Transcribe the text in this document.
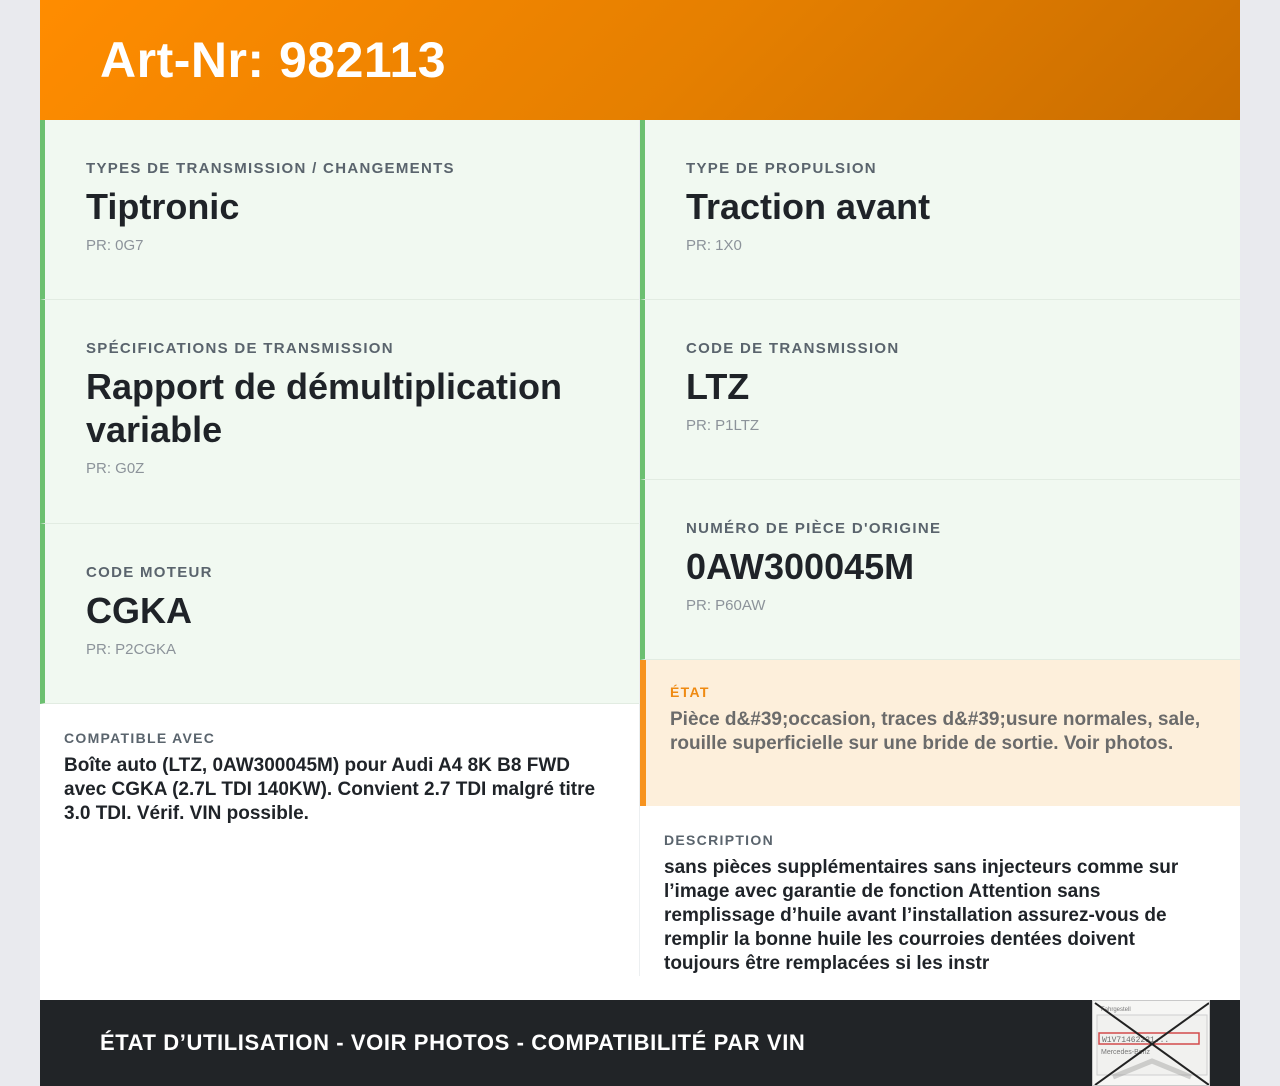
Art-Nr: 982113
TYPES DE TRANSMISSION / CHANGEMENTS
Tiptronic
PR: 0G7
SPÉCIFICATIONS DE TRANSMISSION
Rapport de démultiplication variable
PR: G0Z
CODE MOTEUR
CGKA
PR: P2CGKA
COMPATIBLE AVEC
Boîte auto (LTZ, 0AW300045M) pour Audi A4 8K B8 FWD avec CGKA (2.7L TDI 140KW). Convient 2.7 TDI malgré titre 3.0 TDI. Vérif. VIN possible.
TYPE DE PROPULSION
Traction avant
PR: 1X0
CODE DE TRANSMISSION
LTZ
PR: P1LTZ
NUMÉRO DE PIÈCE D'ORIGINE
0AW300045M
PR: P60AW
ÉTAT
Pièce d&#39;occasion, traces d&#39;usure normales, sale, rouille superficielle sur une bride de sortie. Voir photos.
DESCRIPTION
sans pièces supplémentaires sans injecteurs comme sur l’image avec garantie de fonction Attention sans remplissage d’huile avant l’installation assurez-vous de remplir la bonne huile les courroies dentées doivent toujours être remplacées si les instr
ÉTAT D’UTILISATION - VOIR PHOTOS - COMPATIBILITÉ PAR VIN
Fahrgestell
W1V71462231...
Mercedes-Benz
